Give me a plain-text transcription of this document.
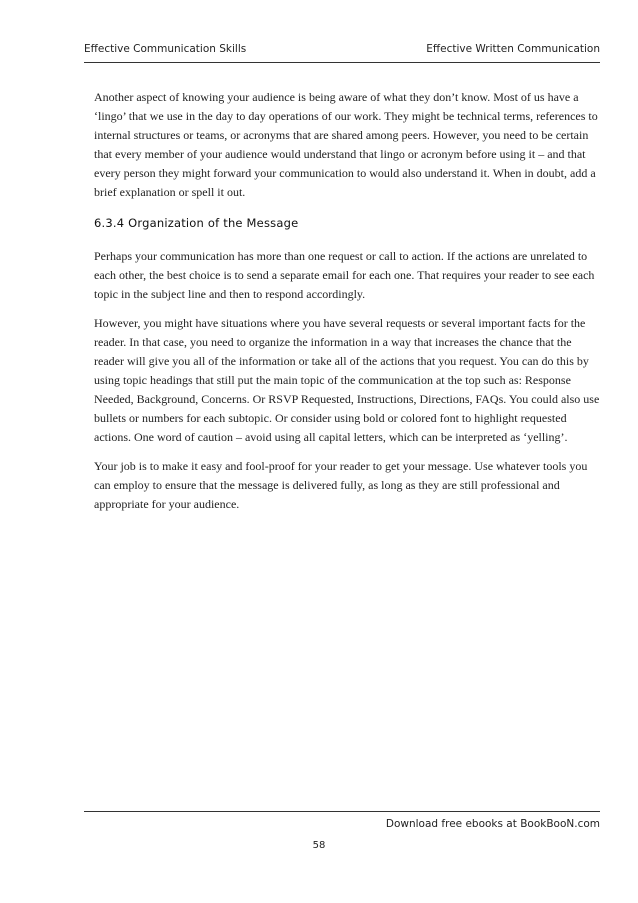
Effective Communication Skills	Effective Written Communication

Another aspect of knowing your audience is being aware of what they don’t know. Most of us have a ‘lingo’ that we use in the day to day operations of our work. They might be technical terms, references to internal structures or teams, or acronyms that are shared among peers. However, you need to be certain that every member of your audience would understand that lingo or acronym before using it – and that every person they might forward your communication to would also understand it. When in doubt, add a brief explanation or spell it out.

6.3.4 Organization of the Message

Perhaps your communication has more than one request or call to action. If the actions are unrelated to each other, the best choice is to send a separate email for each one. That requires your reader to see each topic in the subject line and then to respond accordingly.

However, you might have situations where you have several requests or several important facts for the reader. In that case, you need to organize the information in a way that increases the chance that the reader will give you all of the information or take all of the actions that you request. You can do this by using topic headings that still put the main topic of the communication at the top such as: Response Needed, Background, Concerns. Or RSVP Requested, Instructions, Directions, FAQs. You could also use bullets or numbers for each subtopic. Or consider using bold or colored font to highlight requested actions. One word of caution – avoid using all capital letters, which can be interpreted as ‘yelling’.

Your job is to make it easy and fool-proof for your reader to get your message. Use whatever tools you can employ to ensure that the message is delivered fully, as long as they are still professional and appropriate for your audience.

Download free ebooks at BookBooN.com
58
